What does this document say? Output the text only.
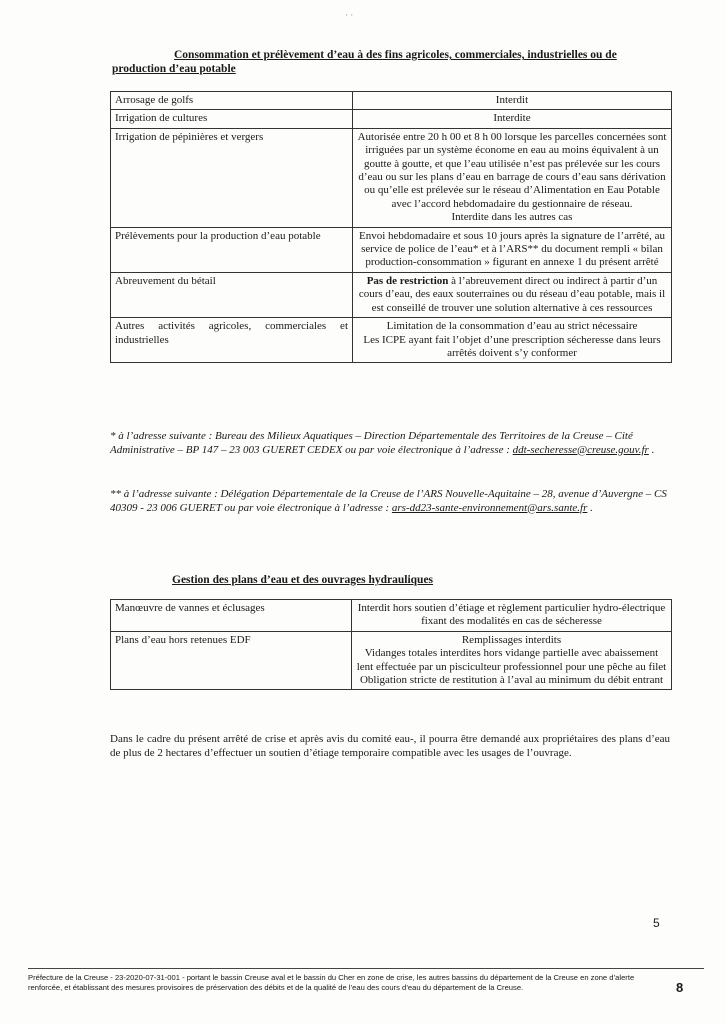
· ·
Consommation et prélèvement d’eau à des fins agricoles, commerciales, industrielles ou de
production d’eau potable
Arrosage de golfs	Interdit
Irrigation de cultures	Interdite
Irrigation de pépinières et vergers	Autorisée entre 20 h 00 et 8 h 00 lorsque les parcelles concernées sont irriguées par un système économe en eau au moins équivalent à un goutte à goutte, et que l’eau utilisée n’est pas prélevée sur les cours d’eau ou sur les plans d’eau en barrage de cours d’eau sans dérivation ou qu’elle est prélevée sur le réseau d’Alimentation en Eau Potable avec l’accord hebdomadaire du gestionnaire de réseau.
Interdite dans les autres cas

Prélèvements pour la production d’eau potable	Envoi hebdomadaire et sous 10 jours après la signature de l’arrêté, au service de police de l’eau* et à l’ARS** du document rempli « bilan production-consommation » figurant en annexe 1 du présent arrêté
Abreuvement du bétail	Pas de restriction à l’abreuvement direct ou indirect à partir d’un cours d’eau, des eaux souterraines ou du réseau d’eau potable, mais il est conseillé de trouver une solution alternative à ces ressources
Autres activités agricoles, commerciales et industrielles	Limitation de la consommation d’eau au strict nécessaire
Les ICPE ayant fait l’objet d’une prescription sécheresse dans leurs arrêtés doivent s’y conformer
* à l’adresse suivante : Bureau des Milieux Aquatiques – Direction Départementale des Territoires de la Creuse – Cité Administrative – BP 147 – 23 003 GUERET CEDEX ou par voie électronique à l’adresse : ddt-secheresse@creuse.gouv.fr .
** à l’adresse suivante : Délégation Départementale de la Creuse de l’ARS Nouvelle-Aquitaine – 28, avenue d’Auvergne – CS 40309 - 23 006 GUERET ou par voie électronique à l’adresse : ars-dd23-sante-environnement@ars.sante.fr .
Gestion des plans d’eau et des ouvrages hydrauliques
Manœuvre de vannes et éclusages	Interdit hors soutien d’étiage et règlement particulier hydro-électrique fixant des modalités en cas de sécheresse
Plans d’eau hors retenues EDF	Remplissages interdits
Vidanges totales interdites hors vidange partielle avec abaissement lent effectuée par un pisciculteur professionnel pour une pêche au filet
Obligation stricte de restitution à l’aval au minimum du débit entrant
Dans le cadre du présent arrêté de crise et après avis du comité eau-, il pourra être demandé aux propriétaires des plans d’eau de plus de 2 hectares d’effectuer un soutien d’étiage temporaire compatible avec les usages de l’ouvrage.
5
Préfecture de la Creuse - 23-2020-07-31-001 - portant le bassin Creuse aval et le bassin du Cher en zone de crise, les autres bassins du département de la Creuse en zone d’alerte renforcée, et établissant des mesures provisoires de préservation des débits et de la qualité de l’eau des cours d’eau du département de la Creuse.	8
